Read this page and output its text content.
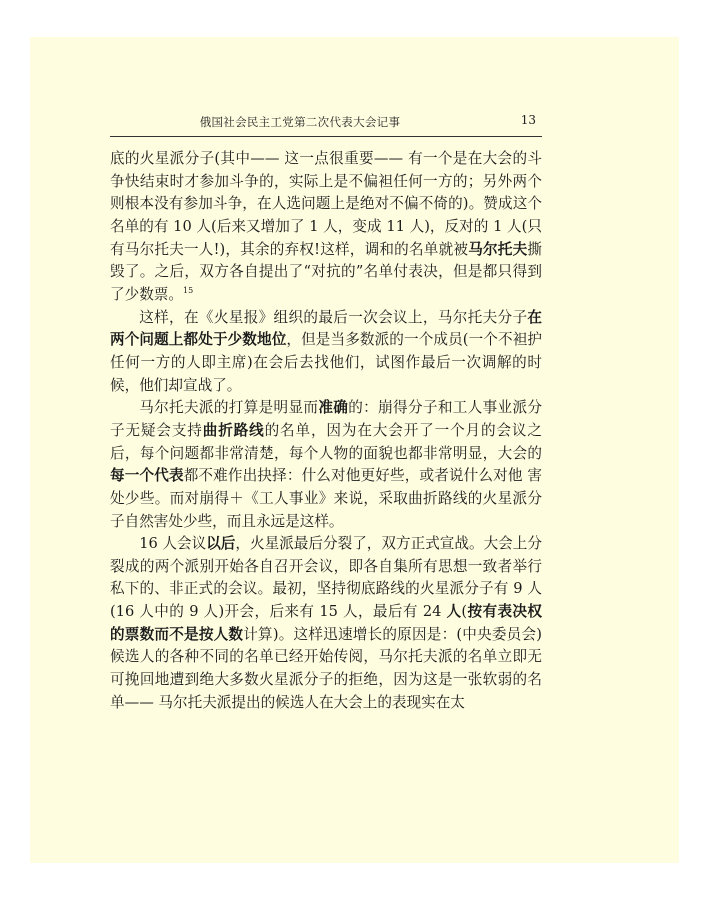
俄国社会民主工党第二次代表大会记事	13

底的火星派分子(其中—— 这一点很重要—— 有一个是在大会的斗争快结束时才参加斗争的，实际上是不偏袒任何一方的；另外两个则根本没有参加斗争，在人选问题上是绝对不偏不倚的)。赞成这个名单的有 10 人(后来又增加了 1 人，变成 11 人)，反对的 1 人(只有马尔托夫一人!)，其余的弃权!这样，调和的名单就被马尔托夫撕毁了。之后，双方各自提出了“对抗的”名单付表决，但是都只得到了少数票。$^{15}$

这样，在《火星报》组织的最后一次会议上，马尔托夫分子在两个问题上都处于少数地位，但是当多数派的一个成员(一个不袒护任何一方的人即主席)在会后去找他们，试图作最后一次调解的时候，他们却宣战了。

马尔托夫派的打算是明显而准确的：崩得分子和工人事业派分子无疑会支持曲折路线的名单，因为在大会开了一个月的会议之后，每个问题都非常清楚，每个人物的面貌也都非常明显，大会的每一个代表都不难作出抉择：什么对他更好些，或者说什么对他 害处少些。而对崩得＋《工人事业》来说，采取曲折路线的火星派分子自然害处少些，而且永远是这样。

16 人会议以后，火星派最后分裂了，双方正式宣战。大会上分裂成的两个派别开始各自召开会议，即各自集所有思想一致者举行私下的、非正式的会议。最初，坚持彻底路线的火星派分子有 9 人(16 人中的 9 人)开会，后来有 15 人，最后有 24 人(按有表决权 的票数而不是按人数计算)。这样迅速增长的原因是：(中央委员会)候选人的各种不同的名单已经开始传阅，马尔托夫派的名单立即无可挽回地遭到绝大多数火星派分子的拒绝，因为这是一张软弱的名单—— 马尔托夫派提出的候选人在大会上的表现实在太
